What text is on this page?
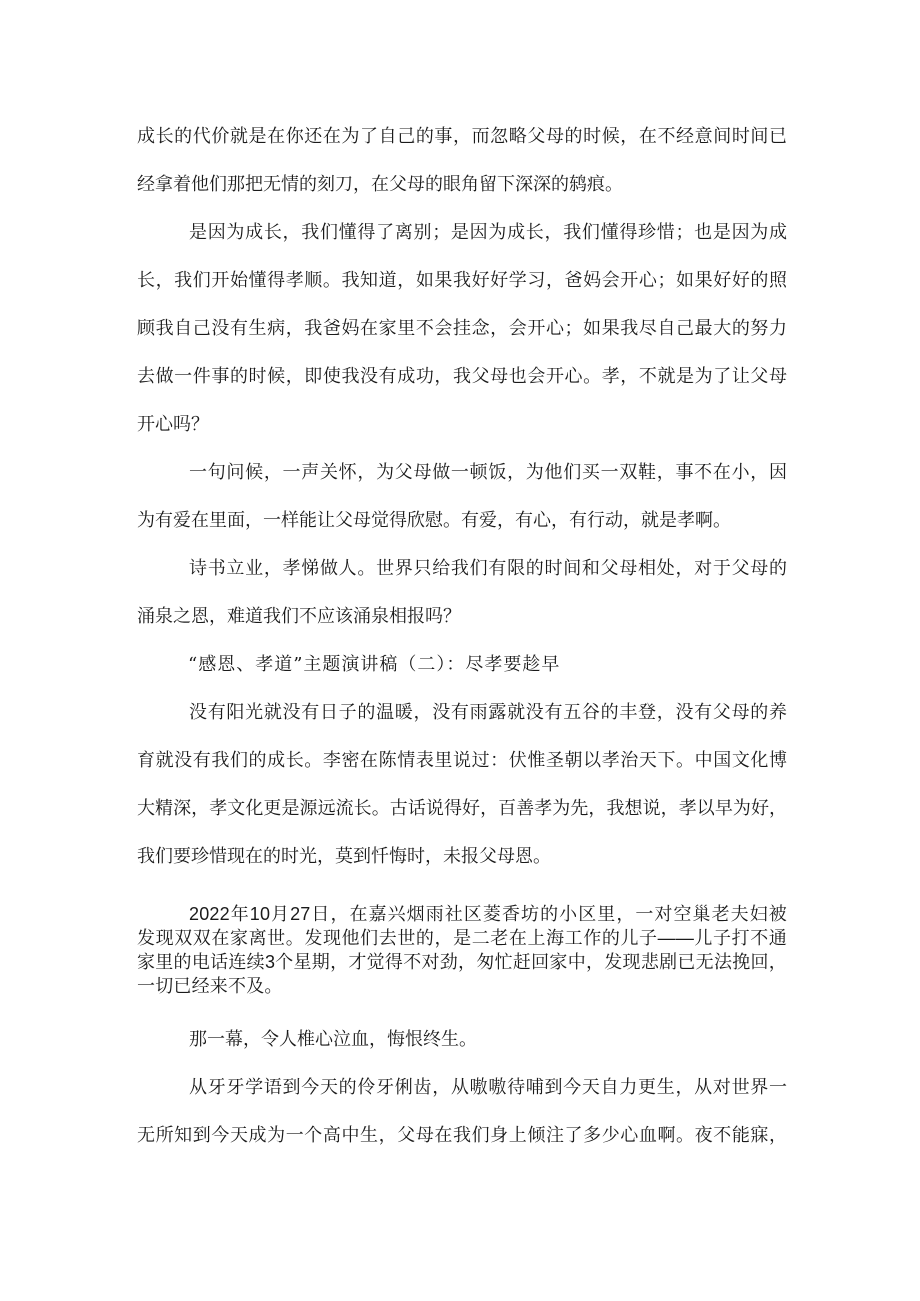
成长的代价就是在你还在为了自己的事，而忽略父母的时候，在不经意间时间已

经拿着他们那把无情的刻刀，在父母的眼角留下深深的鸫痕。

是因为成长，我们懂得了离别；是因为成长，我们懂得珍惜；也是因为成

长，我们开始懂得孝顺。我知道，如果我好好学习，爸妈会开心；如果好好的照

顾我自己没有生病，我爸妈在家里不会挂念，会开心；如果我尽自己最大的努力

去做一件事的时候，即使我没有成功，我父母也会开心。孝，不就是为了让父母

开心吗？

一句问候，一声关怀，为父母做一顿饭，为他们买一双鞋，事不在小，因

为有爱在里面，一样能让父母觉得欣慰。有爱，有心，有行动，就是孝啊。

诗书立业，孝悌做人。世界只给我们有限的时间和父母相处，对于父母的

涌泉之恩，难道我们不应该涌泉相报吗？

“感恩、孝道”主题演讲稿（二）：尽孝要趁早

没有阳光就没有日子的温暖，没有雨露就没有五谷的丰登，没有父母的养

育就没有我们的成长。李密在陈情表里说过：伏惟圣朝以孝治天下。中国文化博

大精深，孝文化更是源远流长。古话说得好，百善孝为先，我想说，孝以早为好，

我们要珍惜现在的时光，莫到忏悔时，未报父母恩。

2022年10月27日，在嘉兴烟雨社区菱香坊的小区里，一对空巢老夫妇被

发现双双在家离世。发现他们去世的，是二老在上海工作的儿子——儿子打不通

家里的电话连续3个星期，才觉得不对劲，匆忙赶回家中，发现悲剧已无法挽回，

一切已经来不及。

那一幕，令人椎心泣血，悔恨终生。

从牙牙学语到今天的伶牙俐齿，从嗷嗷待哺到今天自力更生，从对世界一

无所知到今天成为一个高中生，父母在我们身上倾注了多少心血啊。夜不能寐，
